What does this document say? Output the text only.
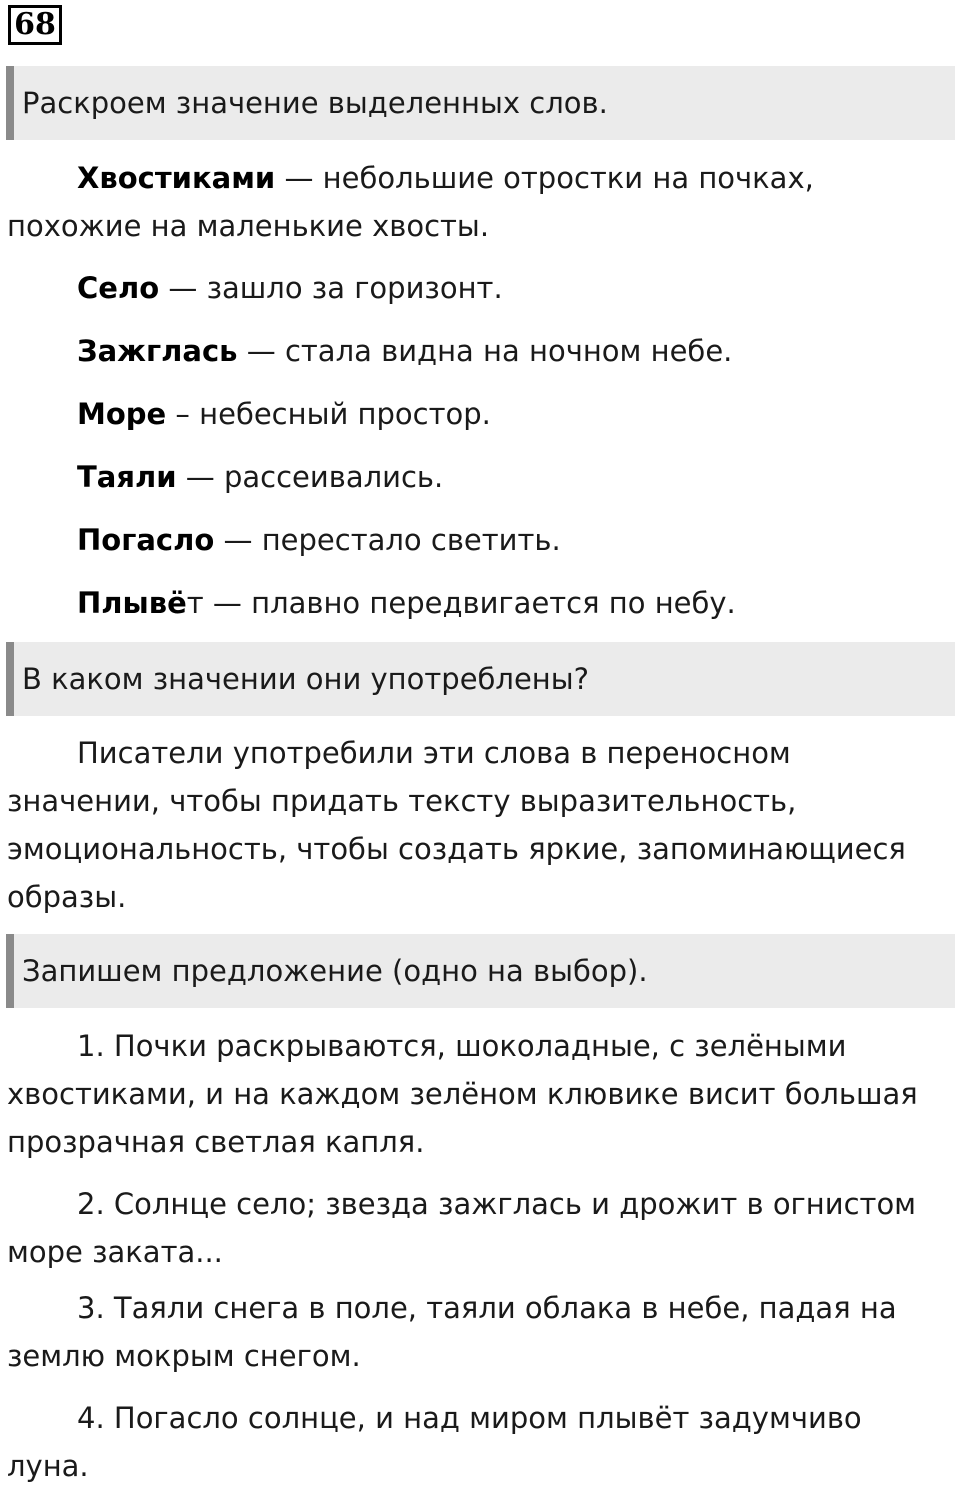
68
Раскроем значение выделенных слов.
Хвостиками — небольшие отростки на почках, похожие на маленькие хвосты.
Село — зашло за горизонт.
Зажглась — стала видна на ночном небе.
Море – небесный простор.
Таяли — рассеивались.
Погасло — перестало светить.
Плывёт — плавно передвигается по небу.
В каком значении они употреблены?
Писатели употребили эти слова в переносном значении, чтобы придать тексту выразительность, эмоциональность, чтобы создать яркие, запоминающиеся образы.
Запишем предложение (одно на выбор).
1. Почки раскрываются, шоколадные, с зелёными хвостиками, и на каждом зелёном клювике висит большая прозрачная светлая капля.
2. Солнце село; звезда зажглась и дрожит в огнистом море заката...
3. Таяли снега в поле, таяли облака в небе, падая на землю мокрым снегом.
4. Погасло солнце, и над миром плывёт задумчиво луна.
